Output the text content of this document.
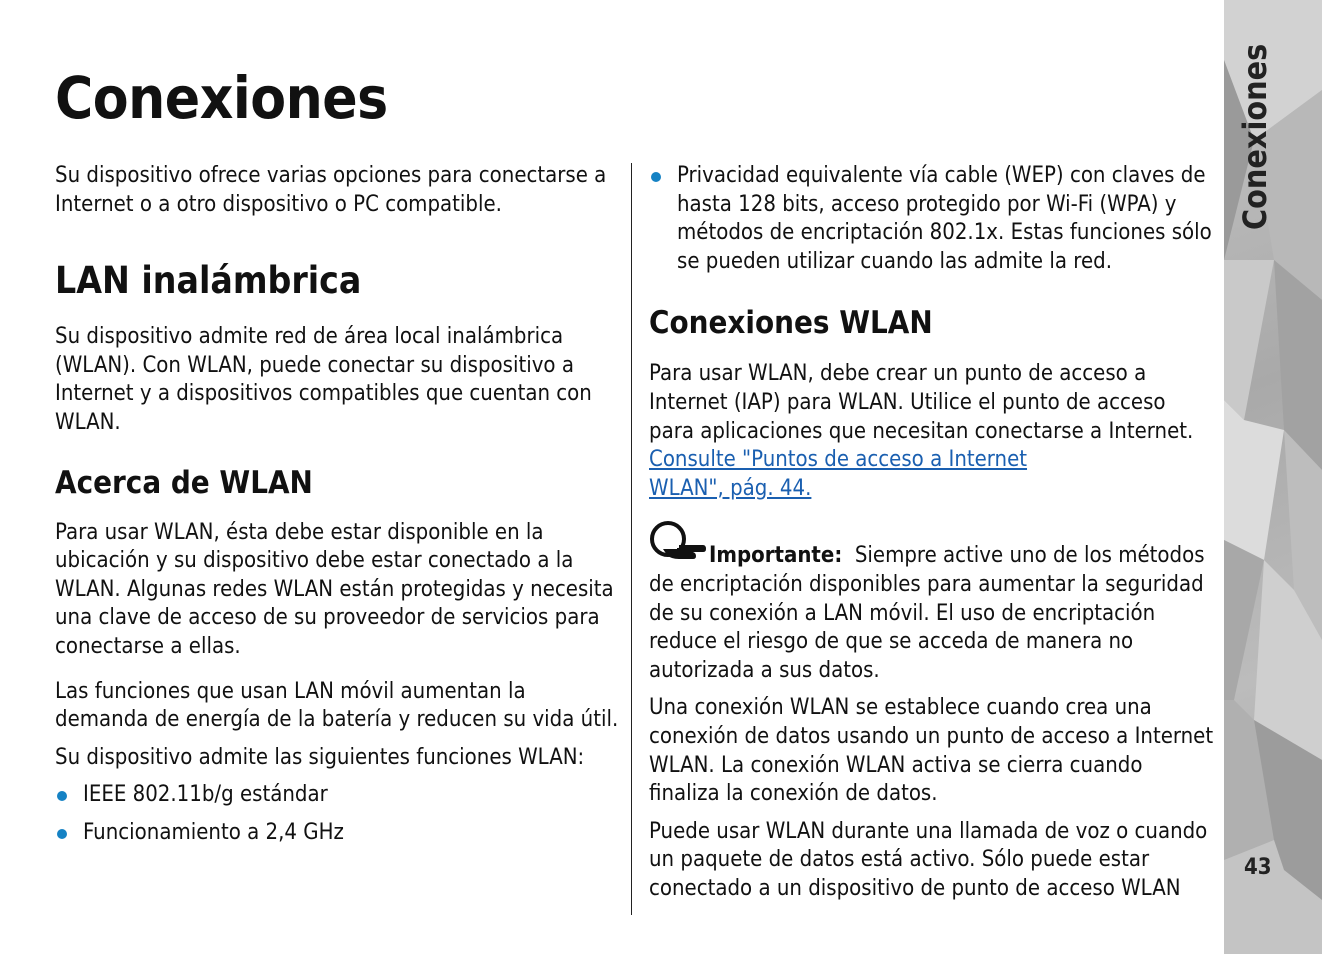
Conexiones

Su dispositivo ofrece varias opciones para conectarse a Internet o a otro dispositivo o PC compatible.

LAN inalámbrica

Su dispositivo admite red de área local inalámbrica (WLAN). Con WLAN, puede conectar su dispositivo a Internet y a dispositivos compatibles que cuentan con WLAN.

Acerca de WLAN

Para usar WLAN, ésta debe estar disponible en la ubicación y su dispositivo debe estar conectado a la WLAN. Algunas redes WLAN están protegidas y necesita una clave de acceso de su proveedor de servicios para conectarse a ellas.

Las funciones que usan LAN móvil aumentan la demanda de energía de la batería y reducen su vida útil.

Su dispositivo admite las siguientes funciones WLAN:

IEEE 802.11b/g estándar
Funcionamiento a 2,4 GHz
Privacidad equivalente vía cable (WEP) con claves de hasta 128 bits, acceso protegido por Wi-Fi (WPA) y métodos de encriptación 802.1x. Estas funciones sólo se pueden utilizar cuando las admite la red.
Conexiones WLAN

Para usar WLAN, debe crear un punto de acceso a Internet (IAP) para WLAN. Utilice el punto de acceso para aplicaciones que necesitan conectarse a Internet.
Consulte "Puntos de acceso a Internet
WLAN", pág. 44.

Importante: Siempre active uno de los métodos de encriptación disponibles para aumentar la seguridad de su conexión a LAN móvil. El uso de encriptación reduce el riesgo de que se acceda de manera no autorizada a sus datos.

Una conexión WLAN se establece cuando crea una conexión de datos usando un punto de acceso a Internet WLAN. La conexión WLAN activa se cierra cuando finaliza la conexión de datos.

Puede usar WLAN durante una llamada de voz o cuando un paquete de datos está activo. Sólo puede estar conectado a un dispositivo de punto de acceso WLAN

Conexiones
43
